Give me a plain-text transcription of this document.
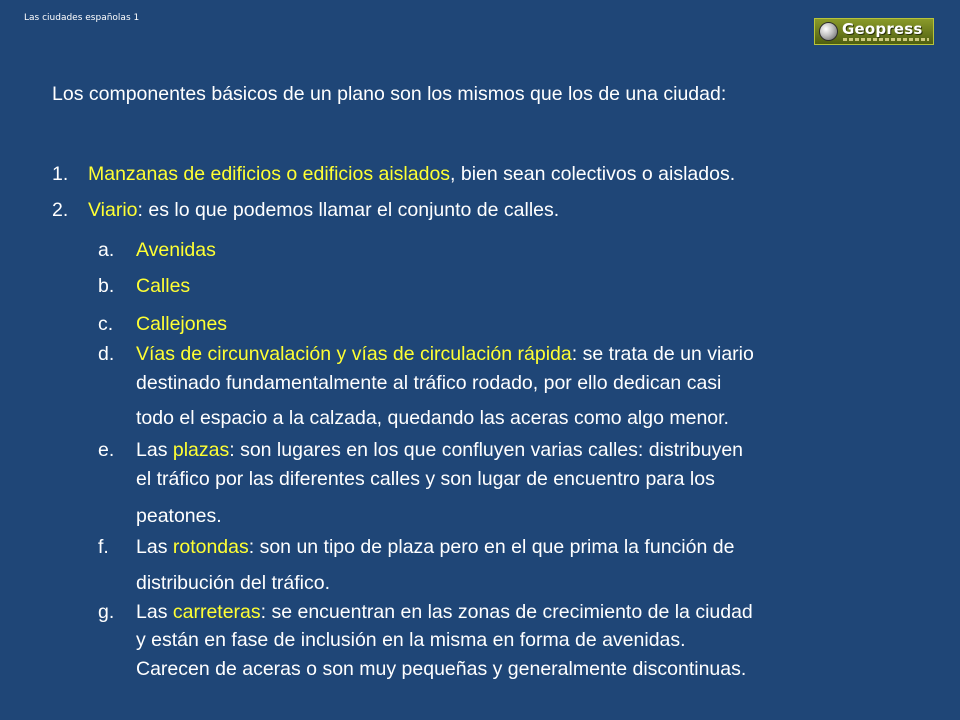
Las ciudades españolas 1
Geopress
Los componentes básicos de un plano son los mismos que los de una ciudad:
1.	Manzanas de edificios o edificios aislados, bien sean colectivos o aislados.
2.	Viario: es lo que podemos llamar el conjunto de calles.
a.	Avenidas
b.	Calles
c.	Callejones
d.	Vías de circunvalación y vías de circulación rápida: se trata de un viario
destinado fundamentalmente al tráfico rodado, por ello dedican casi
todo el espacio a la calzada, quedando las aceras como algo menor.
e.	Las plazas: son lugares en los que confluyen varias calles: distribuyen
el tráfico por las diferentes calles y son lugar de encuentro para los
peatones.
f.	Las rotondas: son un tipo de plaza pero en el que prima la función de
distribución del tráfico.
g.	Las carreteras: se encuentran en las zonas de crecimiento de la ciudad
y están en fase de inclusión en la misma en forma de avenidas.
Carecen de aceras o son muy pequeñas y generalmente discontinuas.
